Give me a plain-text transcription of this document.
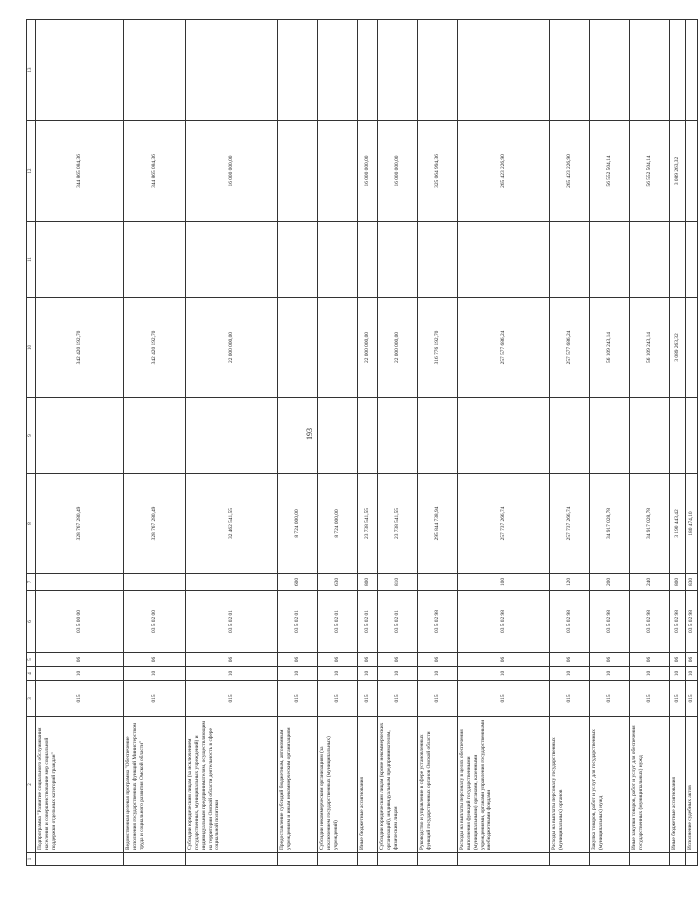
193
1	2	3	4	5	6	7	8	9	10	11	12	13
	Подпрограмма "Развитие социального обслуживания населения и совершенствование мер социальной поддержки отдельных категорий граждан"	015	10	06	03 5 00 00		328 767 280,49		342 420 192,70		344 865 084,36	
	Ведомственная целевая программа "Обеспечение исполнения государственных функций Министерством труда и социального развития Омской области"	015	10	06	03 5 02 00		328 767 280,49		342 420 192,70		344 865 084,36	
	Субсидии юридическим лицам (за исключением государственных, муниципальных учреждений) и индивидуальным предпринимателям, осуществляющим на территории Омской области деятельность в сфере социальной политики	015	10	06	03 5 02 01		32 462 541,55		22 000 000,00		16 000 000,00	
	Предоставление субсидий бюджетным, автономным учреждениям и иным некоммерческим организациям	015	10	06	03 5 02 01	600	8 724 000,00					
	Субсидии некоммерческим организациям (за исключением государственных (муниципальных) учреждений)	015	10	06	03 5 02 01	630	8 724 000,00					
	Иные бюджетные ассигнования	015	10	06	03 5 02 01	800	23 738 541,55		22 000 000,00		16 000 000,00	
	Субсидии юридическим лицам (кроме некоммерческих организаций), индивидуальным предпринимателям, физическим лицам	015	10	06	03 5 02 01	810	23 738 541,55		22 000 000,00		16 000 000,00	
	Руководство и управление в сфере установленных функций государственных органов Омской области	015	10	06	03 5 02 98		295 844 738,94		316 776 192,70		325 064 994,36	
	Расходы на выплаты персоналу в целях обеспечения выполнения функций государственными (муниципальными) органами, казенными учреждениями, органами управления государственными внебюджетными фондами	015	10	06	03 5 02 98	100	257 737 266,74		257 577 686,24		265 423 226,90	
	Расходы на выплаты персоналу государственных (муниципальных) органов	015	10	06	03 5 02 98	120	257 737 266,74		257 577 686,24		265 423 226,90	
	Закупка товаров, работ и услуг для государственных (муниципальных) нужд	015	10	06	03 5 02 98	200	34 917 028,78		56 109 243,14		56 552 504,14	
	Иные закупки товаров, работ и услуг для обеспечения государственных (муниципальных) нужд	015	10	06	03 5 02 98	240	34 917 028,78		56 109 243,14		56 552 504,14	
	Иные бюджетные ассигнования	015	10	06	03 5 02 98	800	3 190 443,42		3 089 263,32		3 089 263,32	
	Исполнение судебных актов	015	10	06	03 5 02 98	830	180 474,10					
